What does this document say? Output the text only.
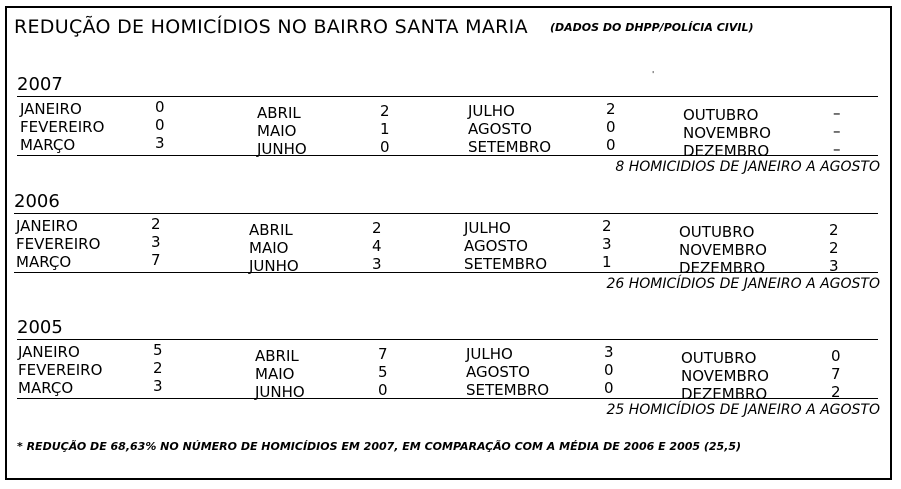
REDUÇÃO DE HOMICÍDIOS NO BAIRRO SANTA MARIA (DADOS DO DHPP/POLÍCIA CIVIL)
'
2007
JANEIRO	0	ABRIL	2	JULHO	2	OUTUBRO	–
FEVEREIRO	0	MAIO	1	AGOSTO	0	NOVEMBRO	–
MARÇO	3	JUNHO	0	SETEMBRO	0	DEZEMBRO	–
8 HOMICIDIOS DE JANEIRO A AGOSTO
2006
JANEIRO	2	ABRIL	2	JULHO	2	OUTUBRO	2
FEVEREIRO	3	MAIO	4	AGOSTO	3	NOVEMBRO	2
MARÇO	7	JUNHO	3	SETEMBRO	1	DEZEMBRO	3
26 HOMICÍDIOS DE JANEIRO A AGOSTO
2005
JANEIRO	5	ABRIL	7	JULHO	3	OUTUBRO	0
FEVEREIRO	2	MAIO	5	AGOSTO	0	NOVEMBRO	7
MARÇO	3	JUNHO	0	SETEMBRO	0	DEZEMBRO	2
25 HOMICÍDIOS DE JANEIRO A AGOSTO
* REDUÇÃO DE 68,63% NO NÚMERO DE HOMICÍDIOS EM 2007, EM COMPARAÇÃO COM A MÉDIA DE 2006 E 2005 (25,5)
